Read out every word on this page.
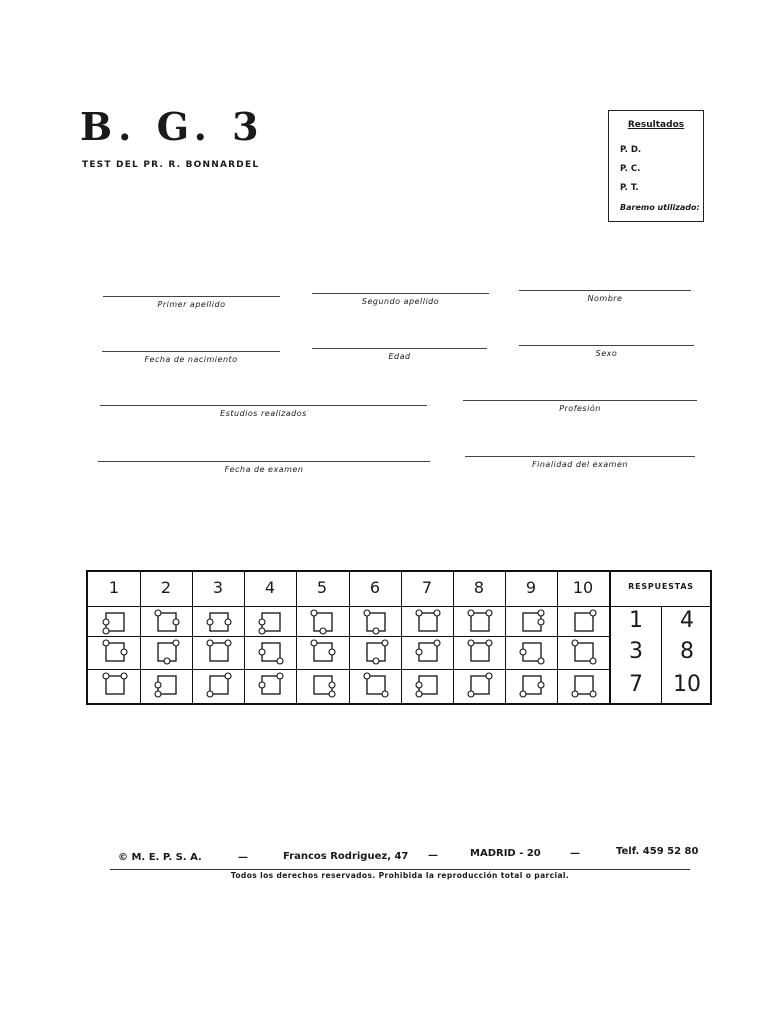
B. G. 3
TEST DEL PR. R. BONNARDEL
Resultados
P. D.
P. C.
P. T.
Baremo utilizado:
Primer apellido	Segundo apellido	Nombre
Fecha de nacimiento	Edad	Sexo
Estudios realizados
Profesión
Fecha de examen
Finalidad del examen
1	2	3	4	5	6	7	8	9	10	RESPUESTAS
1	4
3	8
7	10
© M. E. P. S. A.	—	Francos Rodriguez, 47 —	MADRID - 20	—	Telf. 459 52 80
Todos los derechos reservados. Prohibida la reproducción total o parcial.
